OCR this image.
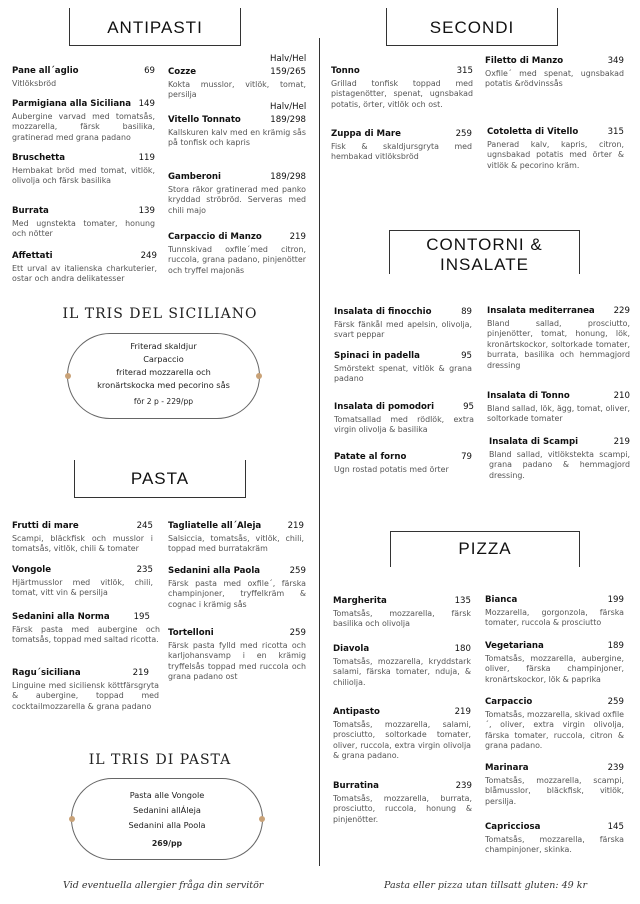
ANTIPASTI
Pane all´aglio	69
Vitlöksbröd
Parmigiana alla Siciliana 149
Aubergine varvad med tomatsås, mozzarella, färsk basilika, gratinerad med grana padano
Bruschetta	119
Hembakat bröd med tomat, vitlök, olivolja och färsk basilika
Burrata	139
Med ugnstekta tomater, honung och nötter
Affettati	249
Ett urval av italienska charkuterier, ostar och andra delikatesser
Halv/Hel
Cozze	159/265
Kokta musslor, vitlök, tomat, persilja
Halv/Hel
Vitello Tonnato	189/298
Kallskuren kalv med en krämig sås på tonfisk och kapris
Gamberoni	189/298
Stora räkor gratinerad med panko kryddad ströbröd. Serveras med chili majo
Carpaccio di Manzo	219
Tunnskivad oxfile´med citron, ruccola, grana padano, pinjenötter och tryffel majonäs
IL TRIS DEL SICILIANO
Friterad skaldjur
Carpaccio
friterad mozzarella och
kronärtskocka med pecorino sås
för 2 p - 229/pp
PASTA
Frutti di mare	245
Scampi, bläckfisk och musslor i tomatsås, vitlök, chili & tomater
Vongole	235
Hjärtmusslor med vitlök, chili, tomat, vitt vin & persilja
Sedanini alla Norma	195
Färsk pasta med aubergine och tomatsås, toppad med saltad ricotta.
Ragu´siciliana	219
Linguine med siciliensk köttfärsgryta & aubergine, toppad med cocktailmozzarella & grana padano
Tagliatelle all´Aleja	219
Salsiccia, tomatsås, vitlök, chili, toppad med burratakräm
Sedanini alla Paola	259
Färsk pasta med oxfile´, färska champinjoner, tryffelkräm & cognac i krämig sås
Tortelloni	259
Färsk pasta fylld med ricotta och karljohansvamp i en krämig tryffelsås toppad med ruccola och grana padano ost
IL TRIS DI PASTA
Pasta alle Vongole
Sedanini allÁleja
Sedanini alla Poola
269/pp
SECONDI
Tonno	315
Grillad tonfisk toppad med pistagenötter, spenat, ugnsbakad potatis, örter, vitlök och ost.
Zuppa di Mare	259
Fisk & skaldjursgryta med hembakad vitlöksbröd
Filetto di Manzo	349
Oxfile´ med spenat, ugnsbakad potatis &rödvinssås
Cotoletta di Vitello	315
Panerad kalv, kapris, citron, ugnsbakad potatis med örter & vitlök & pecorino kräm.
CONTORNI &
INSALATE
Insalata di finocchio	89
Färsk fänkål med apelsin, olivolja, svart peppar
Spinaci in padella	95
Smörstekt spenat, vitlök & grana padano
Insalata di pomodori	95
Tomatsallad med rödlök, extra virgin olivolja & basilika
Patate al forno	79
Ugn rostad potatis med örter
Insalata mediterranea	229
Bland sallad, prosciutto, pinjenötter, tomat, honung, lök, kronärtskockor, soltorkade tomater, burrata, basilika och hemmagjord dressing
Insalata di Tonno	210
Bland sallad, lök, ägg, tomat, oliver, soltorkade tomater
Insalata di Scampi	219
Bland sallad, vitlökstekta scampi, grana padano & hemmagjord dressing.
PIZZA
Margherita	135
Tomatsås, mozzarella, färsk basilika och olivolja
Diavola	180
Tomatsås, mozzarella, kryddstark salami, färska tomater, nduja, & chiliolja.
Antipasto	219
Tomatsås, mozzarella, salami, prosciutto, soltorkade tomater, oliver, ruccola, extra virgin olivolja & grana padano.
Burratina	239
Tomatsås, mozzarella, burrata, prosciutto, ruccola, honung & pinjenötter.
Bianca	199
Mozzarella, gorgonzola, färska tomater, ruccola & prosciutto
Vegetariana	189
Tomatsås, mozzarella, aubergine, oliver, färska champinjoner, kronärtskockor, lök & paprika
Carpaccio	259
Tomatsås, mozzarella, skivad oxfile´, oliver, extra virgin olivolja, färska tomater, ruccola, citron & grana padano.
Marinara	239
Tomatsås, mozzarella, scampi, blåmusslor, bläckfisk, vitlök, persilja.
Capricciosa	145
Tomatsås, mozzarella, färska champinjoner, skinka.
Vid eventuella allergier fråga din servitör	Pasta eller pizza utan tillsatt gluten: 49 kr
